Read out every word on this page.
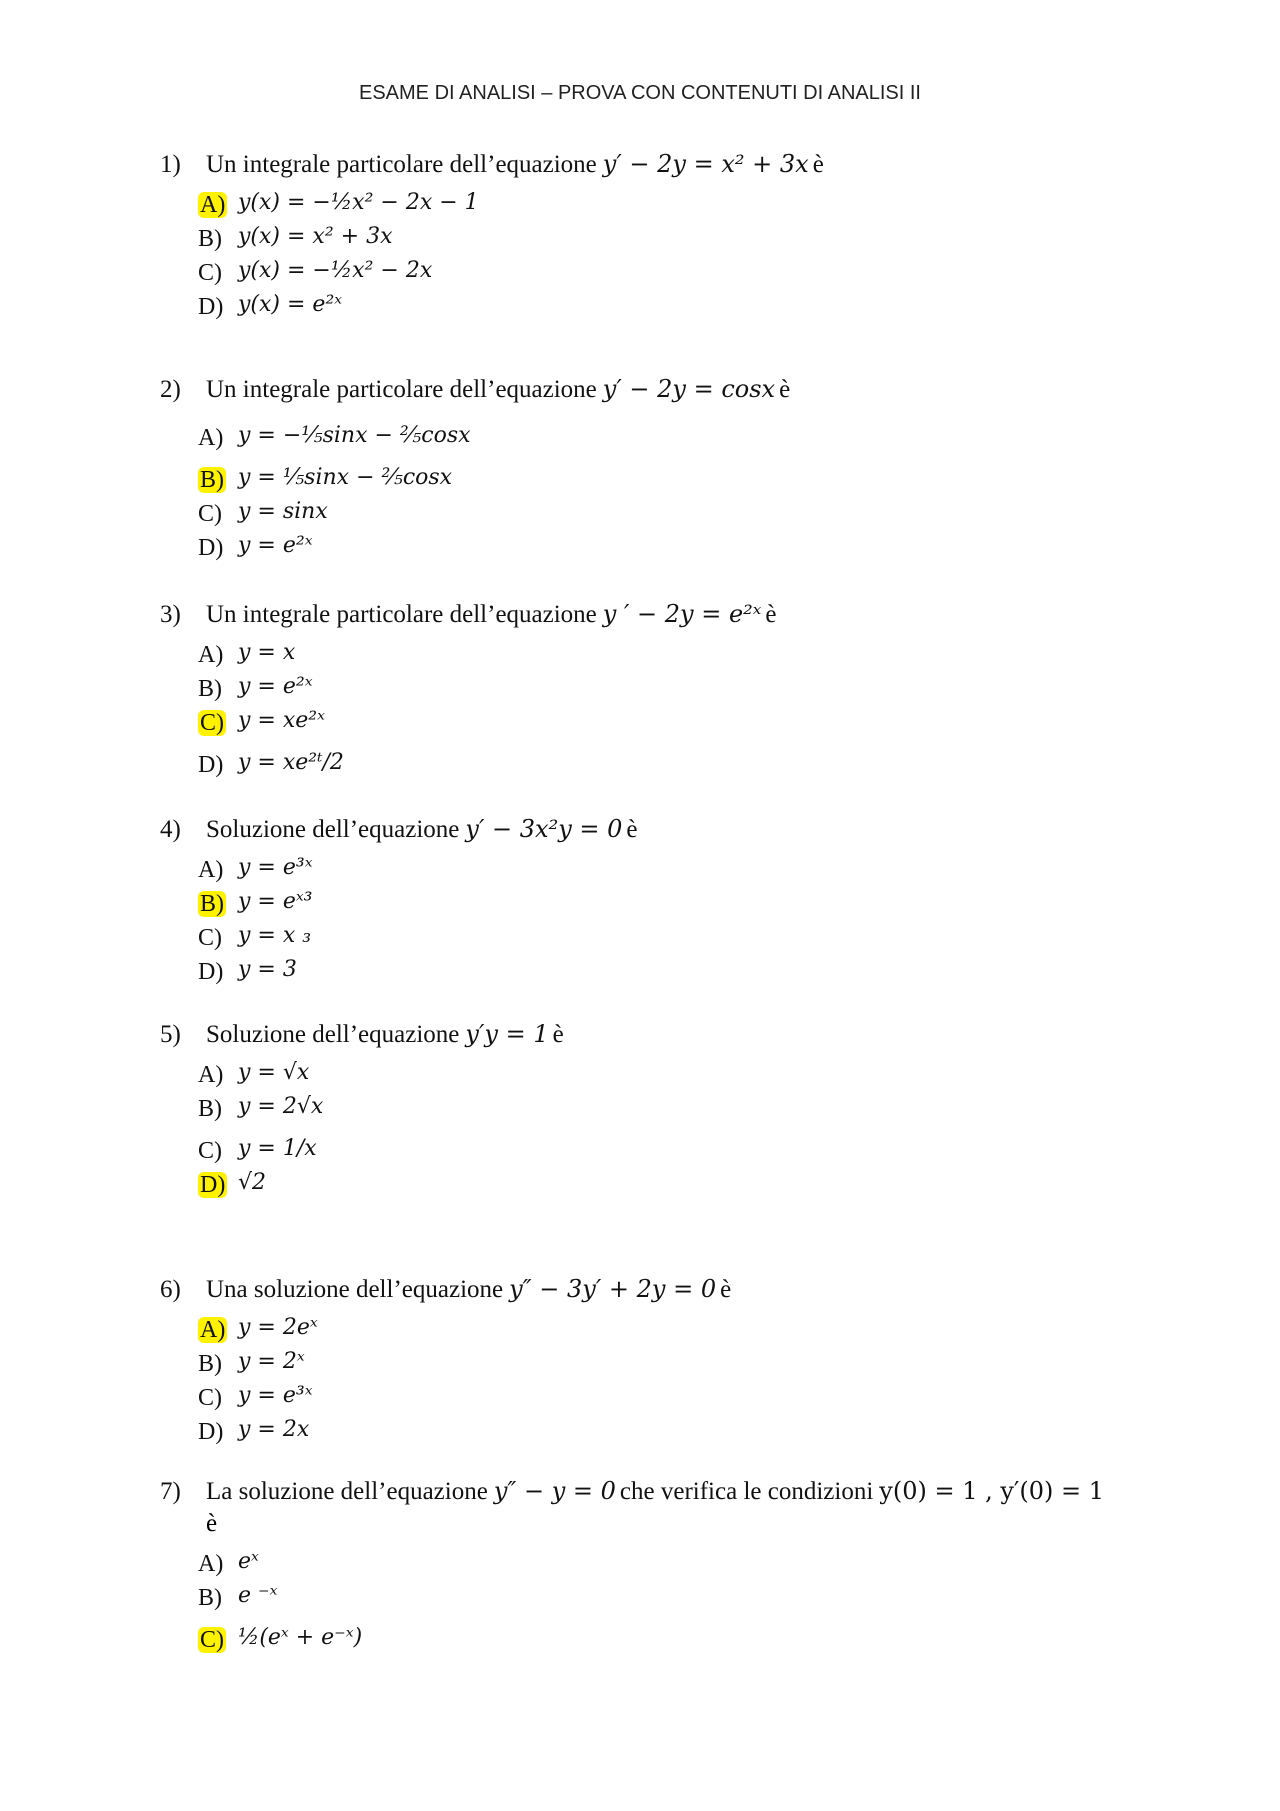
ESAME DI ANALISI – PROVA CON CONTENUTI DI ANALISI II
1)	Un integrale particolare dell’equazione y′ − 2y = x² + 3x è
A) y(x) = −½x² − 2x − 1
B) y(x) = x² + 3x
C) y(x) = −½x² − 2x
D) y(x) = e²ˣ
2)	Un integrale particolare dell’equazione y′ − 2y = cosx è
A) y = −⅕sinx − ⅖cosx
B) y = ⅕sinx − ⅖cosx
C) y = sinx
D) y = e²ˣ
3)	Un integrale particolare dell’equazione y ′ − 2y = e²ˣ è
A) y = x
B) y = e²ˣ
C) y = xe²ˣ
D) y = xe²ᵗ/2
4)	Soluzione dell’equazione y′ − 3x²y = 0 è
A) y = e³ˣ
B) y = eˣ³
C) y = x ₃
D) y = 3
5)	Soluzione dell’equazione y′y = 1 è
A) y = √x
B) y = 2√x
C) y = 1/x
D) √2
6)	Una soluzione dell’equazione y″ − 3y′ + 2y = 0 è
A) y = 2eˣ
B) y = 2ˣ
C) y = e³ˣ
D) y = 2x
7)	La soluzione dell’equazione y″ − y = 0 che verifica le condizioni y(0) = 1 , y′(0) = 1
è
A) eˣ
B) e ⁻ˣ
C) ½(eˣ + e⁻ˣ)
